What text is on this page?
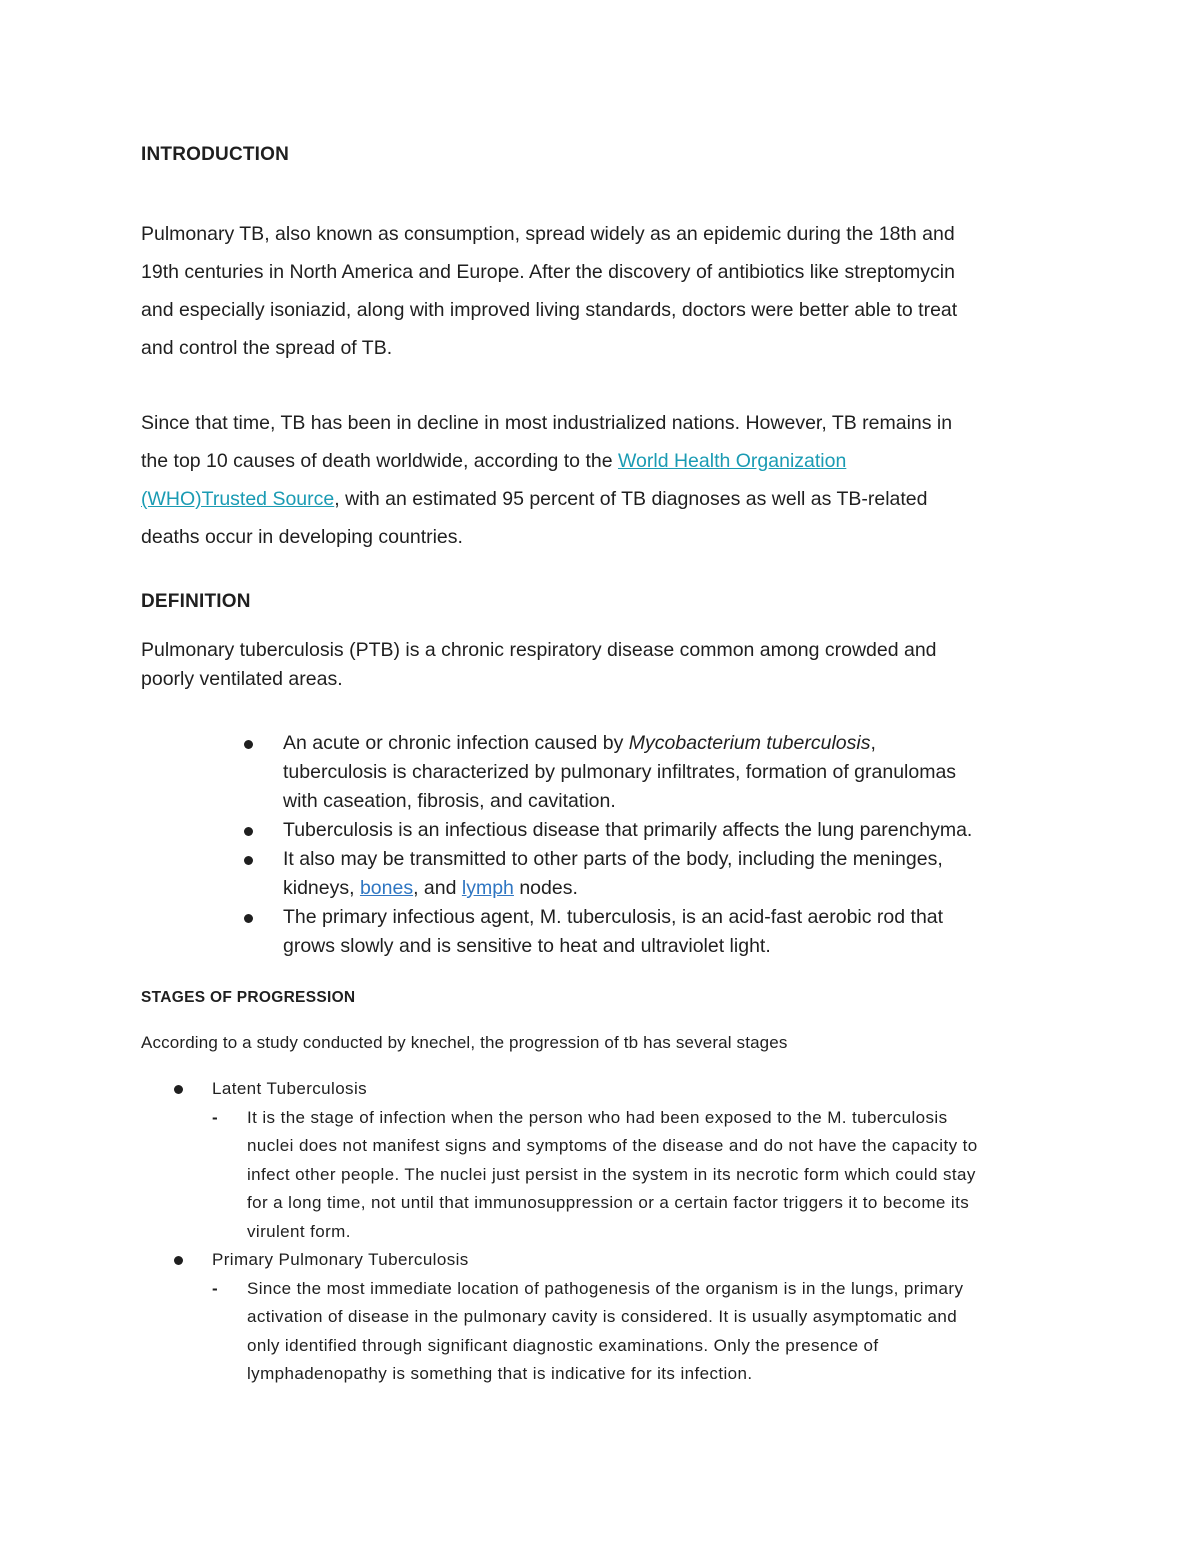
INTRODUCTION
Pulmonary TB, also known as consumption, spread widely as an epidemic during the 18th and
19th centuries in North America and Europe. After the discovery of antibiotics like streptomycin
and especially isoniazid, along with improved living standards, doctors were better able to treat
and control the spread of TB.
Since that time, TB has been in decline in most industrialized nations. However, TB remains in
the top 10 causes of death worldwide, according to the World Health Organization
(WHO)Trusted Source, with an estimated 95 percent of TB diagnoses as well as TB-related
deaths occur in developing countries.
DEFINITION
Pulmonary tuberculosis (PTB) is a chronic respiratory disease common among crowded and
poorly ventilated areas.
An acute or chronic infection caused by Mycobacterium tuberculosis,
tuberculosis is characterized by pulmonary infiltrates, formation of granulomas
with caseation, fibrosis, and cavitation.
Tuberculosis is an infectious disease that primarily affects the lung parenchyma.
It also may be transmitted to other parts of the body, including the meninges,
kidneys, bones, and lymph nodes.
The primary infectious agent, M. tuberculosis, is an acid-fast aerobic rod that
grows slowly and is sensitive to heat and ultraviolet light.
STAGES OF PROGRESSION

According to a study conducted by knechel, the progression of tb has several stages

Latent Tuberculosis
- It is the stage of infection when the person who had been exposed to the M. tuberculosis
nuclei does not manifest signs and symptoms of the disease and do not have the capacity to
infect other people. The nuclei just persist in the system in its necrotic form which could stay
for a long time, not until that immunosuppression or a certain factor triggers it to become its
virulent form.
Primary Pulmonary Tuberculosis
- Since the most immediate location of pathogenesis of the organism is in the lungs, primary
activation of disease in the pulmonary cavity is considered. It is usually asymptomatic and
only identified through significant diagnostic examinations. Only the presence of
lymphadenopathy is something that is indicative for its infection.
